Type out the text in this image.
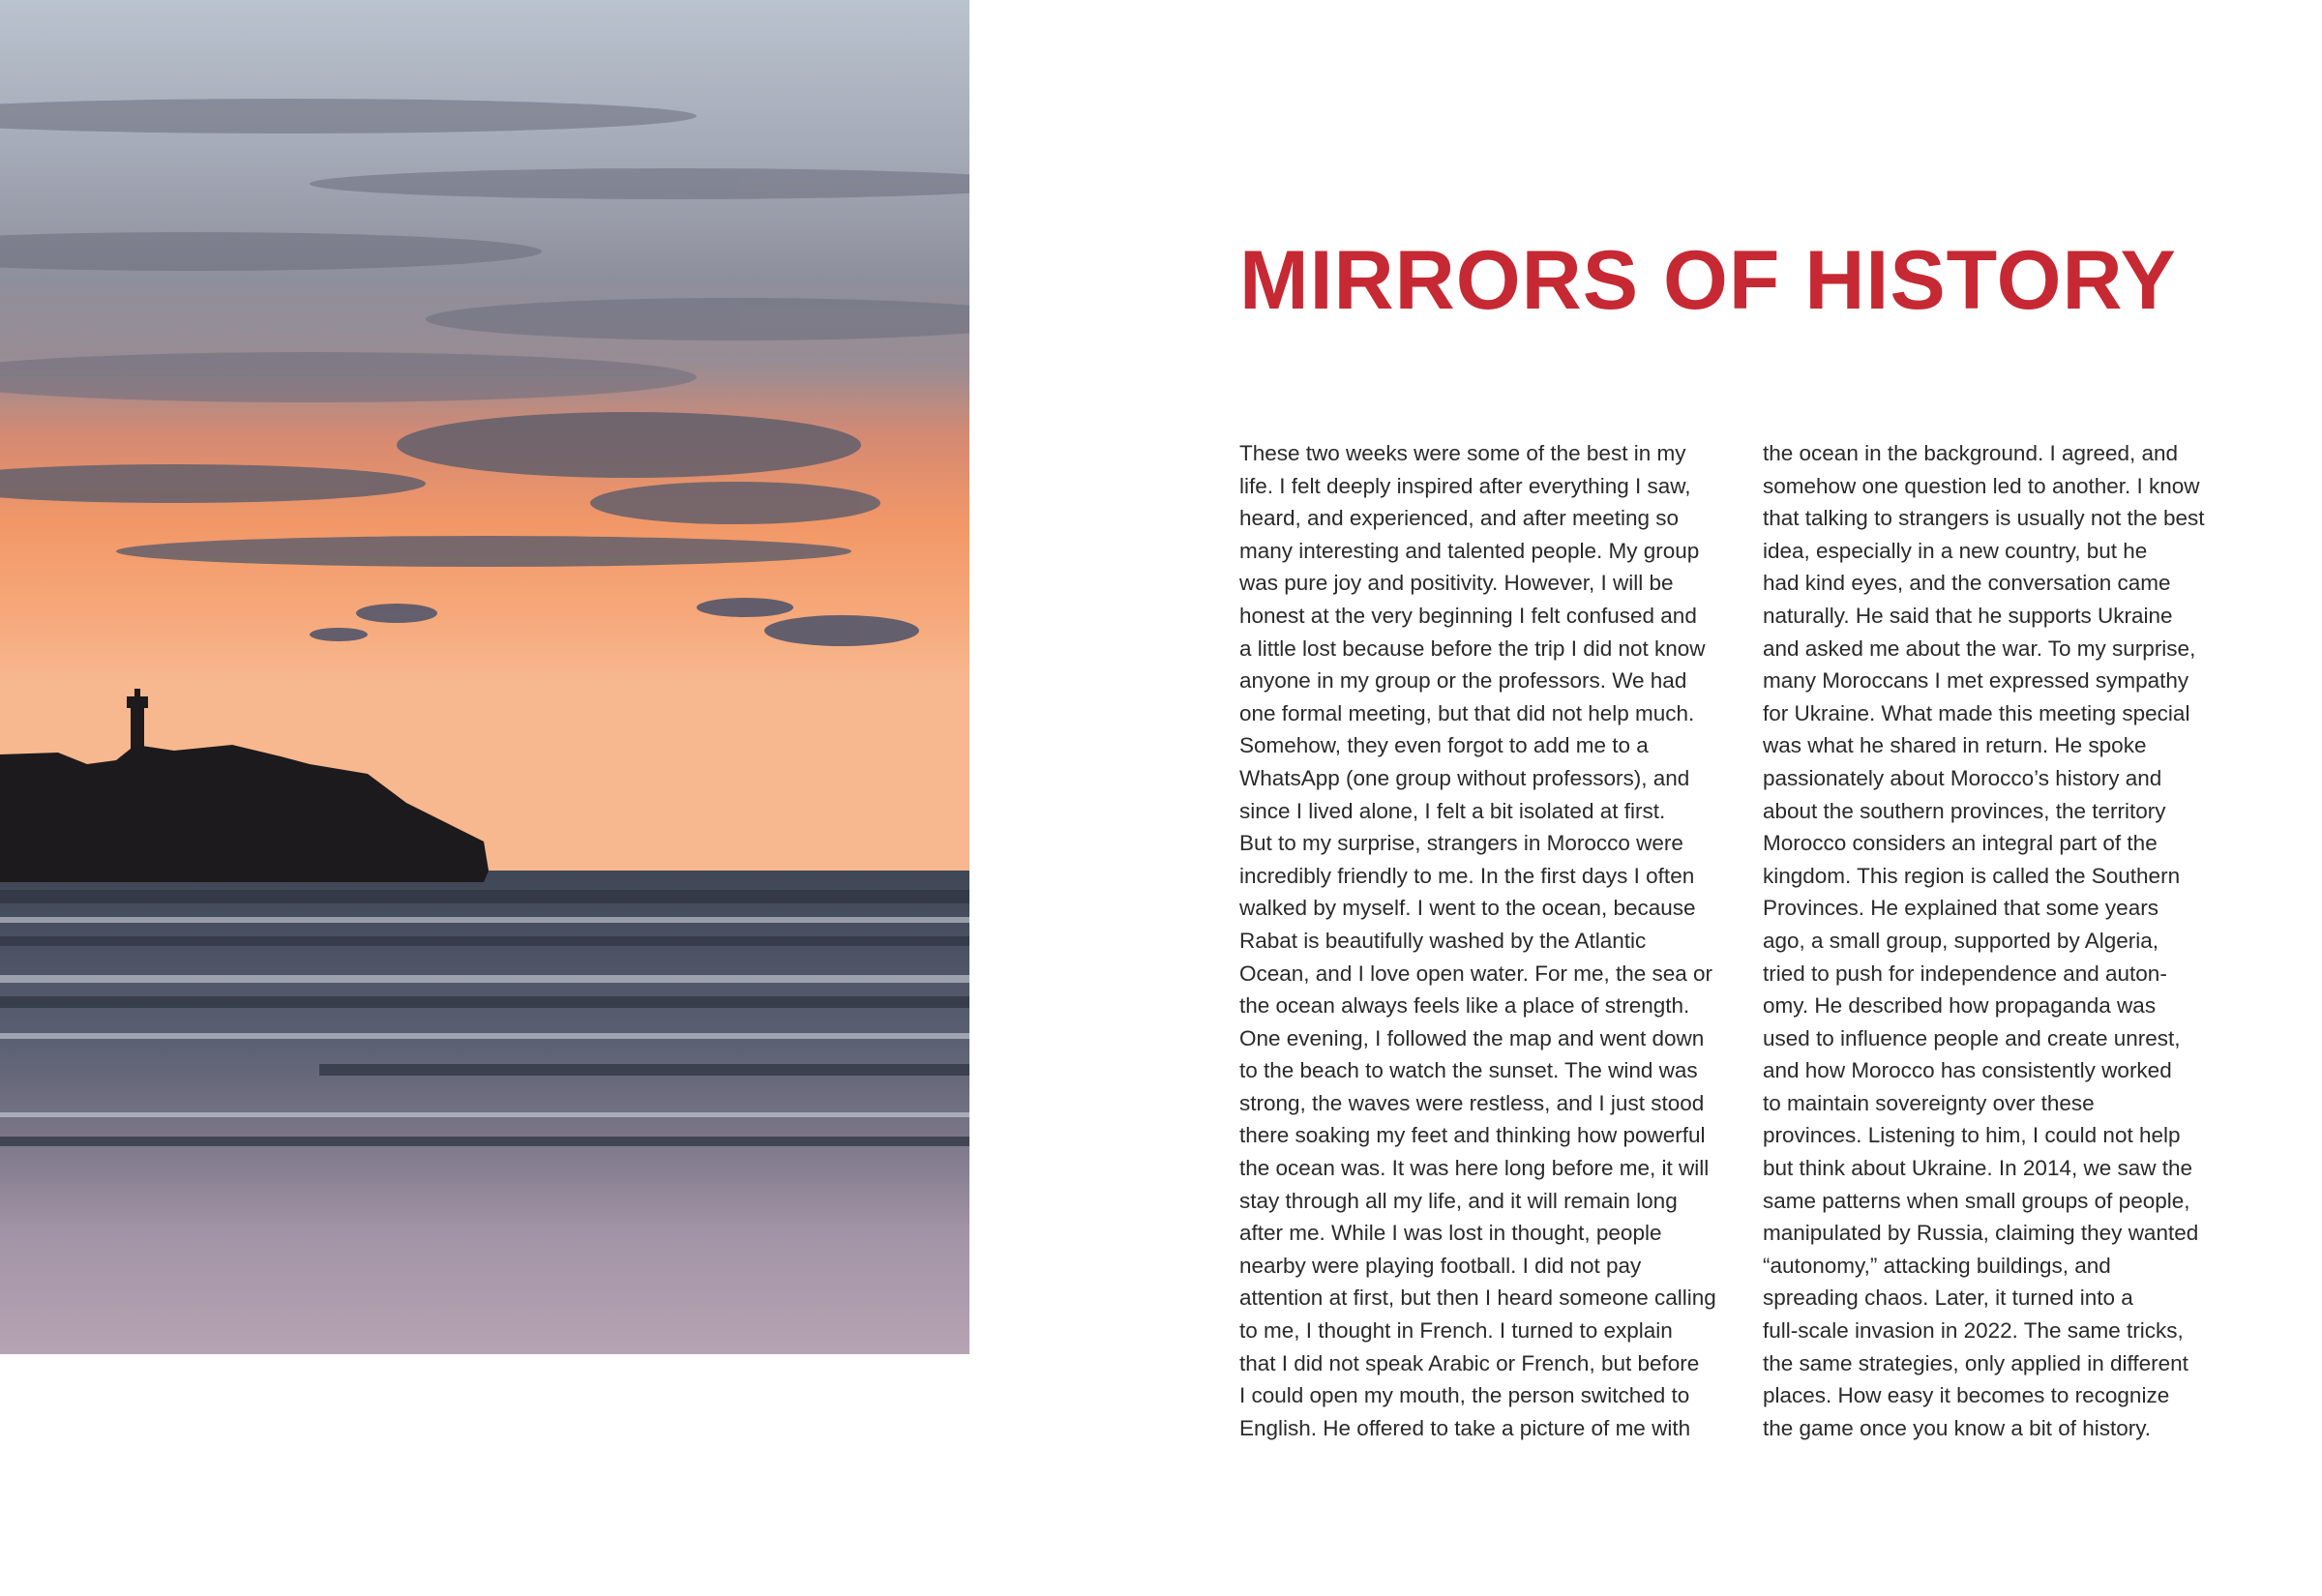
MIRRORS OF HISTORY
These two weeks were some of the best in my
life. I felt deeply inspired after everything I saw,
heard, and experienced, and after meeting so
many interesting and talented people. My group
was pure joy and positivity. However, I will be
honest at the very beginning I felt confused and
a little lost because before the trip I did not know
anyone in my group or the professors. We had
one formal meeting, but that did not help much.
Somehow, they even forgot to add me to a
WhatsApp (one group without professors), and
since I lived alone, I felt a bit isolated at first.
But to my surprise, strangers in Morocco were
incredibly friendly to me. In the first days I often
walked by myself. I went to the ocean, because
Rabat is beautifully washed by the Atlantic
Ocean, and I love open water. For me, the sea or
the ocean always feels like a place of strength.
One evening, I followed the map and went down
to the beach to watch the sunset. The wind was
strong, the waves were restless, and I just stood
there soaking my feet and thinking how powerful
the ocean was. It was here long before me, it will
stay through all my life, and it will remain long
after me. While I was lost in thought, people
nearby were playing football. I did not pay
attention at first, but then I heard someone calling
to me, I thought in French. I turned to explain
that I did not speak Arabic or French, but before
I could open my mouth, the person switched to
English. He offered to take a picture of me with
the ocean in the background. I agreed, and
somehow one question led to another. I know
that talking to strangers is usually not the best
idea, especially in a new country, but he
had kind eyes, and the conversation came
naturally. He said that he supports Ukraine
and asked me about the war. To my surprise,
many Moroccans I met expressed sympathy
for Ukraine. What made this meeting special
was what he shared in return. He spoke
passionately about Morocco’s history and
about the southern provinces, the territory
Morocco considers an integral part of the
kingdom. This region is called the Southern
Provinces. He explained that some years
ago, a small group, supported by Algeria,
tried to push for independence and auton-
omy. He described how propaganda was
used to influence people and create unrest,
and how Morocco has consistently worked
to maintain sovereignty over these
provinces. Listening to him, I could not help
but think about Ukraine. In 2014, we saw the
same patterns when small groups of people,
manipulated by Russia, claiming they wanted
“autonomy,” attacking buildings, and
spreading chaos. Later, it turned into a
full-scale invasion in 2022. The same tricks,
the same strategies, only applied in different
places. How easy it becomes to recognize
the game once you know a bit of history.
